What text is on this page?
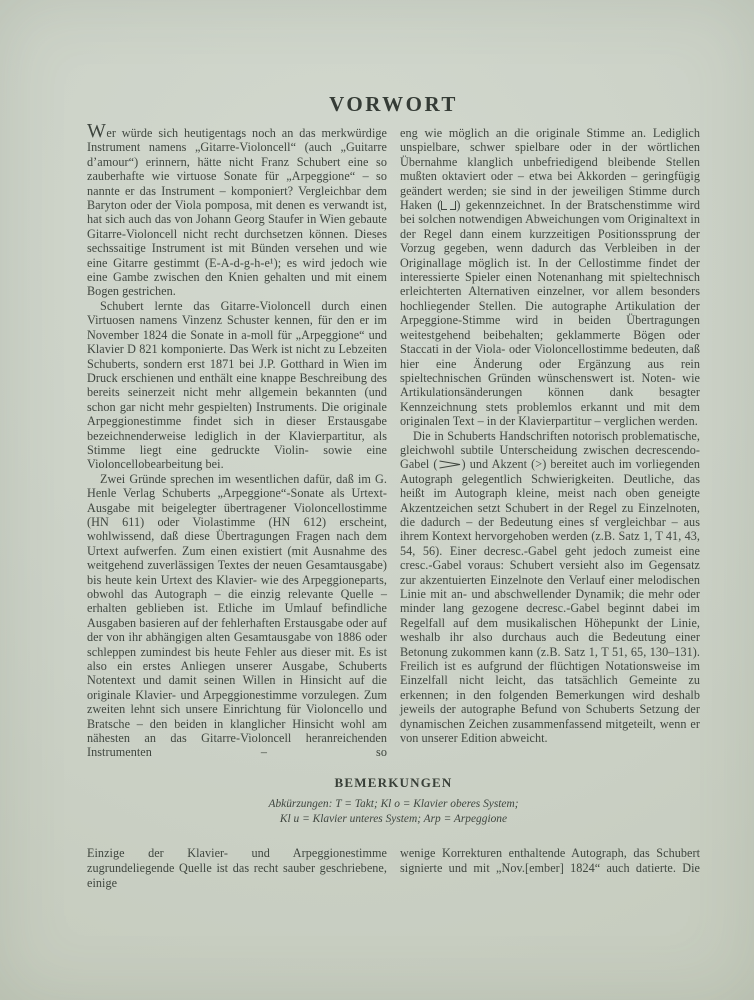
VORWORT

Wer würde sich heutigentags noch an das merkwürdige Instrument namens „Gitarre-Violoncell“ (auch „Guitarre d’amour“) erinnern, hätte nicht Franz Schubert eine so zauberhafte wie virtuose Sonate für „Arpeggione“ – so nannte er das Instrument – komponiert? Vergleichbar dem Baryton oder der Viola pomposa, mit denen es verwandt ist, hat sich auch das von Johann Georg Staufer in Wien gebaute Gitarre-Violoncell nicht recht durchsetzen können. Dieses sechssaitige Instrument ist mit Bünden versehen und wie eine Gitarre gestimmt (E-A-d-g-h-e¹); es wird jedoch wie eine Gambe zwischen den Knien gehalten und mit einem Bogen gestrichen.

Schubert lernte das Gitarre-Violoncell durch einen Virtuosen namens Vinzenz Schuster kennen, für den er im November 1824 die Sonate in a-moll für „Arpeggione“ und Klavier D 821 komponierte. Das Werk ist nicht zu Lebzeiten Schuberts, sondern erst 1871 bei J.P. Gotthard in Wien im Druck erschienen und enthält eine knappe Beschreibung des bereits seinerzeit nicht mehr allgemein bekannten (und schon gar nicht mehr gespielten) Instruments. Die originale Arpeggionestimme findet sich in dieser Erstausgabe bezeichnenderweise lediglich in der Klavierpartitur, als Stimme liegt eine gedruckte Violin- sowie eine Violoncellobearbeitung bei.

Zwei Gründe sprechen im wesentlichen dafür, daß im G. Henle Verlag Schuberts „Arpeggione“-Sonate als Urtext-Ausgabe mit beigelegter übertragener Violoncellostimme (HN 611) oder Violastimme (HN 612) erscheint, wohlwissend, daß diese Übertragungen Fragen nach dem Urtext aufwerfen. Zum einen existiert (mit Ausnahme des weitgehend zuverlässigen Textes der neuen Gesamtausgabe) bis heute kein Urtext des Klavier- wie des Arpeggioneparts, obwohl das Autograph – die einzig relevante Quelle – erhalten geblieben ist. Etliche im Umlauf befindliche Ausgaben basieren auf der fehlerhaften Erstausgabe oder auf der von ihr abhängigen alten Gesamtausgabe von 1886 oder schleppen zumindest bis heute Fehler aus dieser mit. Es ist also ein erstes Anliegen unserer Ausgabe, Schuberts Notentext und damit seinen Willen in Hinsicht auf die originale Klavier- und Arpeggionestimme vorzulegen. Zum zweiten lehnt sich unsere Einrichtung für Violoncello und Bratsche – den beiden in klanglicher Hinsicht wohl am nähesten an das Gitarre-Violoncell heranreichenden Instrumenten – so

eng wie möglich an die originale Stimme an. Lediglich unspielbare, schwer spielbare oder in der wörtlichen Übernahme klanglich unbefriedigend bleibende Stellen mußten oktaviert oder – etwa bei Akkorden – geringfügig geändert werden; sie sind in der jeweiligen Stimme durch Haken ( ) gekennzeichnet. In der Bratschenstimme wird bei solchen notwendigen Abweichungen vom Originaltext in der Regel dann einem kurzzeitigen Positionssprung der Vorzug gegeben, wenn dadurch das Verbleiben in der Originallage möglich ist. In der Cellostimme findet der interessierte Spieler einen Notenanhang mit spieltechnisch erleichterten Alternativen einzelner, vor allem besonders hochliegender Stellen. Die autographe Artikulation der Arpeggione-Stimme wird in beiden Übertragungen weitestgehend beibehalten; geklammerte Bögen oder Staccati in der Viola- oder Violoncellostimme bedeuten, daß hier eine Änderung oder Ergänzung aus rein spieltechnischen Gründen wünschenswert ist. Noten- wie Artikulationsänderungen können dank besagter Kennzeichnung stets problemlos erkannt und mit dem originalen Text – in der Klavierpartitur – verglichen werden.

Die in Schuberts Handschriften notorisch problematische, gleichwohl subtile Unterscheidung zwischen decrescendo-Gabel ( ) und Akzent (>) bereitet auch im vorliegenden Autograph gelegentlich Schwierigkeiten. Deutliche, das heißt im Autograph kleine, meist nach oben geneigte Akzentzeichen setzt Schubert in der Regel zu Einzelnoten, die dadurch – der Bedeutung eines sf vergleichbar – aus ihrem Kontext hervorgehoben werden (z.B. Satz 1, T 41, 43, 54, 56). Einer decresc.-Gabel geht jedoch zumeist eine cresc.-Gabel voraus: Schubert versieht also im Gegensatz zur akzentuierten Einzelnote den Verlauf einer melodischen Linie mit an- und abschwellender Dynamik; die mehr oder minder lang gezogene decresc.-Gabel beginnt dabei im Regelfall auf dem musikalischen Höhepunkt der Linie, weshalb ihr also durchaus auch die Bedeutung einer Betonung zukommen kann (z.B. Satz 1, T 51, 65, 130–131). Freilich ist es aufgrund der flüchtigen Notationsweise im Einzelfall nicht leicht, das tatsächlich Gemeinte zu erkennen; in den folgenden Bemerkungen wird deshalb jeweils der autographe Befund von Schuberts Setzung der dynamischen Zeichen zusammenfassend mitgeteilt, wenn er von unserer Edition abweicht.

BEMERKUNGEN
Abkürzungen: T = Takt; Kl o = Klavier oberes System;
Kl u = Klavier unteres System; Arp = Arpeggione

Einzige der Klavier- und Arpeggionestimme zugrundeliegende Quelle ist das recht sauber geschriebene, einige

wenige Korrekturen enthaltende Autograph, das Schubert signierte und mit „Nov.[ember] 1824“ auch datierte. Die
